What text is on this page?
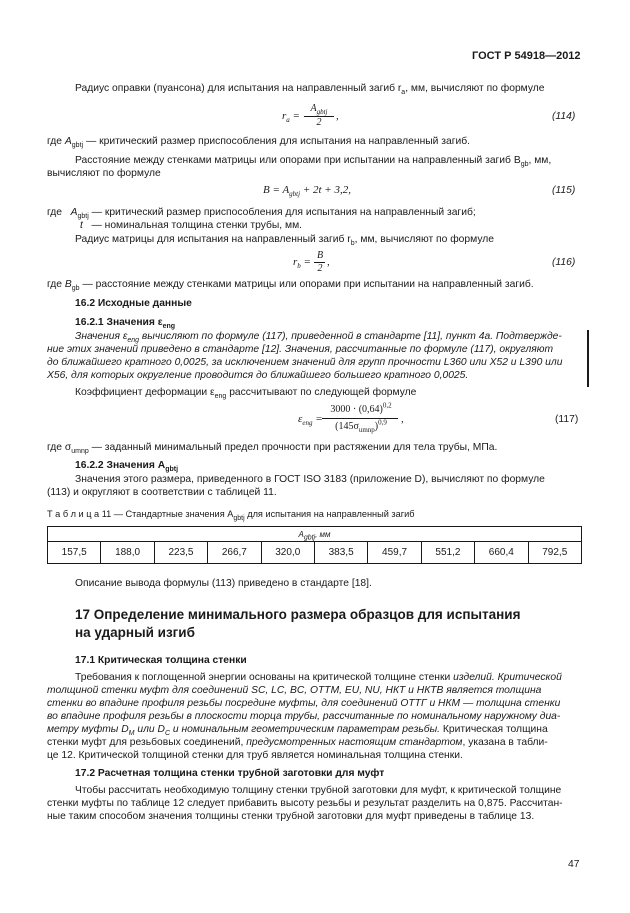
ГОСТ Р 54918—2012
Радиус оправки (пуансона) для испытания на направленный загиб $r_a$, мм, вычисляют по формуле
$r_a$ =
$A_{gbtj}$
2
,	(114)
где $A_{gbtj}$ — критический размер приспособления для испытания на направленный загиб.
Расстояние между стенками матрицы или опорами при испытании на направленный загиб $B_{gb}$, мм,
вычисляют по формуле
$B = A_{gbtj} + 2t + 3,2$,	(115)
где $A_{gbtj}$ — критический размер приспособления для испытания на направленный загиб;
t — номинальная толщина стенки трубы, мм.
Радиус матрицы для испытания на направленный загиб $r_b$, мм, вычисляют по формуле
$r_b$ =
B
2
,	(116)
где $B_{gb}$ — расстояние между стенками матрицы или опорами при испытании на направленный загиб.
16.2 Исходные данные
16.2.1 Значения $\varepsilon_{eng}$
Значения $\varepsilon_{eng}$ вычисляют по формуле (117), приведенной в стандарте [11], пункт 4а. Подтвержде-
ние этих значений приведено в стандарте [12]. Значения, рассчитанные по формуле (117), округляют
до ближайшего кратного 0,0025, за исключением значений для групп прочности L360 или X52 и L390 или
X56, для которых округление проводится до ближайшего большего кратного 0,0025.
Коэффициент деформации $\varepsilon_{eng}$ рассчитывают по следующей формуле
$\varepsilon_{eng}$ =
$3000 \cdot (0,64)^{0,2}$
$(145\sigma_{umnp})^{0,9}$	,	(117)
где $\sigma_{umnp}$ — заданный минимальный предел прочности при растяжении для тела трубы, МПа.
16.2.2 Значения $A_{gbtj}$
Значения этого размера, приведенного в ГОСТ ISO 3183 (приложение D), вычисляют по формуле
(113) и округляют в соответствии с таблицей 11.
Т а б л и ц а 11 — Стандартные значения $A_{gbtj}$ для испытания на направленный загиб
$A_{gbtj}$, мм
157,5	188,0	223,5	266,7	320,0	383,5	459,7	551,2	660,4	792,5
Описание вывода формулы (113) приведено в стандарте [18].
17 Определение минимального размера образцов для испытания
на ударный изгиб
17.1 Критическая толщина стенки
Требования к поглощенной энергии основаны на критической толщине стенки изделий. Критической
толщиной стенки муфт для соединений SC, LC, BC, OTTM, EU, NU, НКТ и НКТВ является толщина
стенки во впадине профиля резьбы посредине муфты, для соединений ОТТГ и НКМ — толщина стенки
во впадине профиля резьбы в плоскости торца трубы, рассчитанные по номинальному наружному диа-
метру муфты $D_M$ или $D_C$ и номинальным геометрическим параметрам резьбы. Критическая толщина
стенки муфт для резьбовых соединений, предусмотренных настоящим стандартом, указана в табли-
це 12. Критической толщиной стенки для труб является номинальная толщина стенки.
17.2 Расчетная толщина стенки трубной заготовки для муфт
Чтобы рассчитать необходимую толщину стенки трубной заготовки для муфт, к критической толщине
стенки муфты по таблице 12 следует прибавить высоту резьбы и результат разделить на 0,875. Рассчитан-
ные таким способом значения толщины стенки трубной заготовки для муфт приведены в таблице 13.
47
